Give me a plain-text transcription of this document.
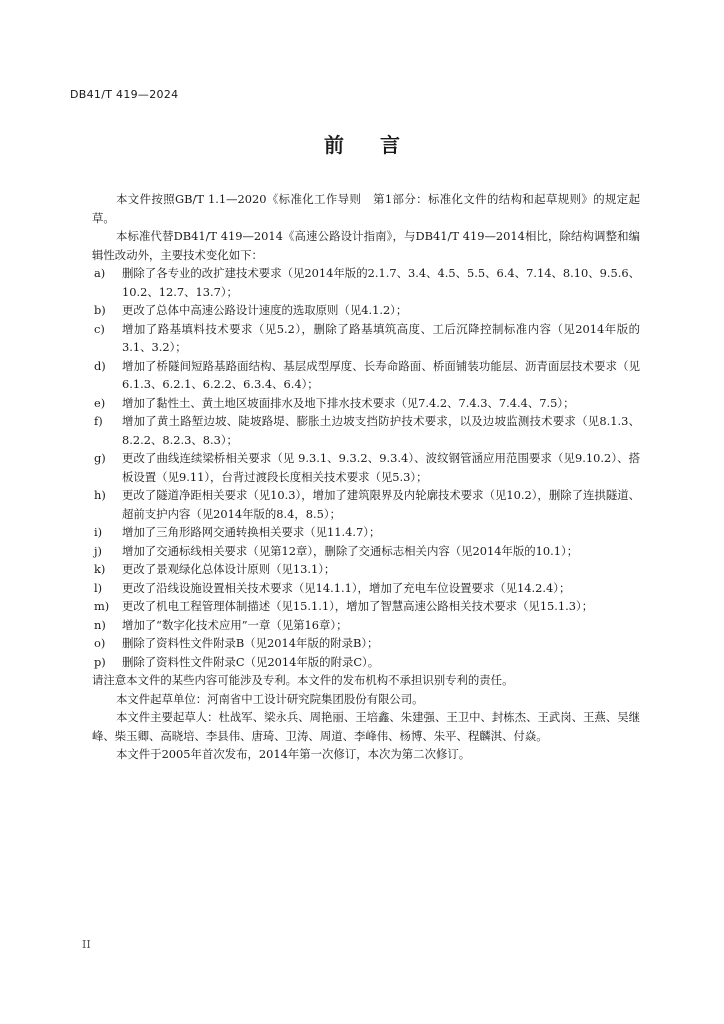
DB41/T 419—2024
前言

本文件按照GB/T 1.1—2020《标准化工作导则　第1部分：标准化文件的结构和起草规则》的规定起草。

本标准代替DB41/T 419—2014《高速公路设计指南》，与DB41/T 419—2014相比，除结构调整和编辑性改动外，主要技术变化如下：

a)	删除了各专业的改扩建技术要求（见2014年版的2.1.7、3.4、4.5、5.5、6.4、7.14、8.10、9.5.6、10.2、12.7、13.7）；
b)	更改了总体中高速公路设计速度的选取原则（见4.1.2）；
c)	增加了路基填料技术要求（见5.2），删除了路基填筑高度、工后沉降控制标准内容（见2014年版的3.1、3.2）；
d)	增加了桥隧间短路基路面结构、基层成型厚度、长寿命路面、桥面铺装功能层、沥青面层技术要求（见6.1.3、6.2.1、6.2.2、6.3.4、6.4）；
e)	增加了黏性土、黄土地区坡面排水及地下排水技术要求（见7.4.2、7.4.3、7.4.4、7.5）；
f)	增加了黄土路堑边坡、陡坡路堤、膨胀土边坡支挡防护技术要求，以及边坡监测技术要求（见8.1.3、8.2.2、8.2.3、8.3）；
g)	更改了曲线连续梁桥相关要求（见 9.3.1、9.3.2、9.3.4）、波纹钢管涵应用范围要求（见9.10.2）、搭板设置（见9.11），台背过渡段长度相关技术要求（见5.3）；
h)	更改了隧道净距相关要求（见10.3），增加了建筑限界及内轮廓技术要求（见10.2），删除了连拱隧道、超前支护内容（见2014年版的8.4，8.5）；
i)	增加了三角形路网交通转换相关要求（见11.4.7）；
j)	增加了交通标线相关要求（见第12章），删除了交通标志相关内容（见2014年版的10.1）；
k)	更改了景观绿化总体设计原则（见13.1）；
l)	更改了沿线设施设置相关技术要求（见14.1.1），增加了充电车位设置要求（见14.2.4）；
m)	更改了机电工程管理体制描述（见15.1.1），增加了智慧高速公路相关技术要求（见15.1.3）；
n)	增加了“数字化技术应用”一章（见第16章）；
o)	删除了资料性文件附录B（见2014年版的附录B）；
p)	删除了资料性文件附录C（见2014年版的附录C）。

请注意本文件的某些内容可能涉及专利。本文件的发布机构不承担识别专利的责任。

本文件起草单位：河南省中工设计研究院集团股份有限公司。

本文件主要起草人：杜战军、梁永兵、周艳丽、王培鑫、朱建强、王卫中、封栋杰、王武岗、王燕、吴继峰、柴玉卿、高晓培、李县伟、唐琦、卫涛、周道、李峰伟、杨博、朱平、程麟淇、付焱。

本文件于2005年首次发布，2014年第一次修订，本次为第二次修订。

II
